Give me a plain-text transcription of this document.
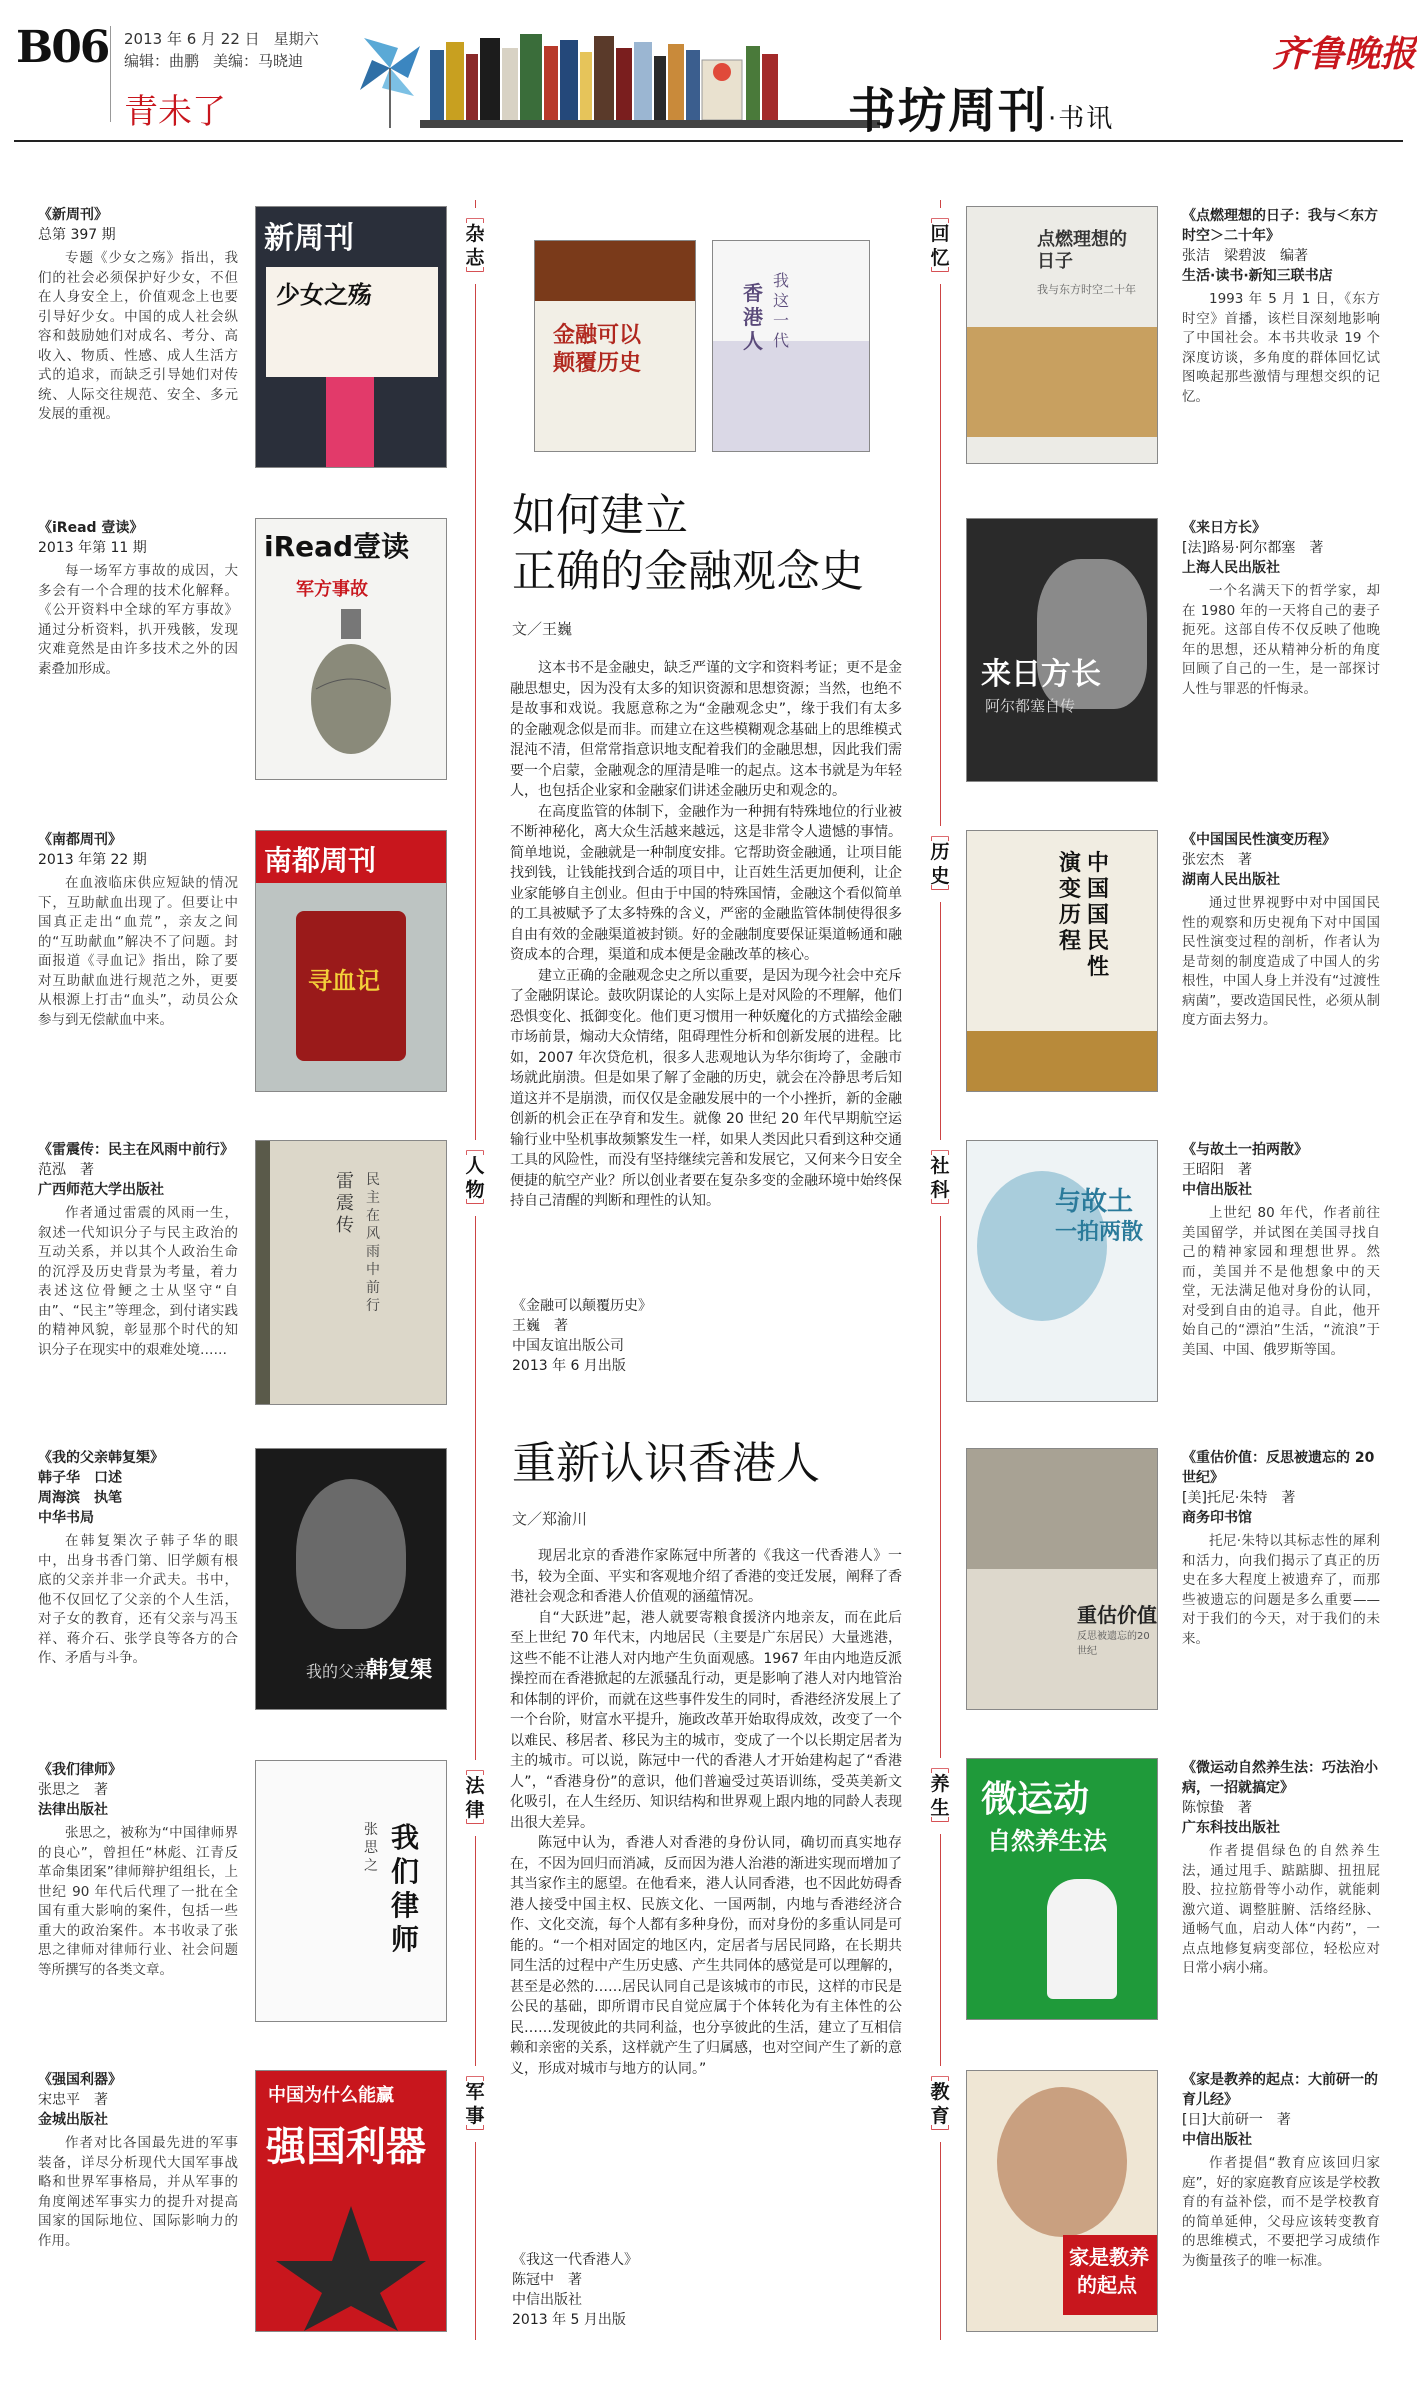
B06 2013 年 6 月 22 日 星期六
编辑：曲鹏 美编：马晓迪
青未了	书坊周刊·书讯
齐鲁晚报
《新周刊》
总第 397 期
专题《少女之殇》指出，我们的社会必须保护好少女，不但在人身安全上，价值观念上也要引导好少女。中国的成人社会纵容和鼓励她们对成名、考分、高收入、物质、性感、成人生活方式的追求，而缺乏引导她们对传统、人际交往规范、安全、多元发展的重视。
新周刊
少女之殇
《iRead 壹读》
2013 年第 11 期
每一场军方事故的成因，大多会有一个合理的技术化解释。《公开资料中全球的军方事故》通过分析资料，扒开残骸，发现灾难竟然是由许多技术之外的因素叠加形成。
iRead壹读
军方事故
《南都周刊》
2013 年第 22 期
在血液临床供应短缺的情况下，互助献血出现了。但要让中国真正走出“血荒”，亲友之间的“互助献血”解决不了问题。封面报道《寻血记》指出，除了要对互助献血进行规范之外，更要从根源上打击“血头”，动员公众参与到无偿献血中来。
南都周刊
寻血记
《雷震传：民主在风雨中前行》
范泓　著
广西师范大学出版社
作者通过雷震的风雨一生，叙述一代知识分子与民主政治的互动关系，并以其个人政治生命的沉浮及历史背景为考量，着力表述这位骨鲠之士从坚守“自由”、“民主”等理念，到付诸实践的精神风貌，彰显那个时代的知识分子在现实中的艰难处境……
雷震传
民主在风雨中前行
《我的父亲韩复榘》
韩子华　口述
周海滨　执笔
中华书局
在韩复榘次子韩子华的眼中，出身书香门第、旧学颇有根底的父亲并非一介武夫。书中，他不仅回忆了父亲的个人生活，对子女的教育，还有父亲与冯玉祥、蒋介石、张学良等各方的合作、矛盾与斗争。
我的父亲
韩复榘
《我们律师》
张思之　著
法律出版社
张思之，被称为“中国律师界的良心”，曾担任“林彪、江青反革命集团案”律师辩护组组长，上世纪 90 年代后代理了一批在全国有重大影响的案件，包括一些重大的政治案件。本书收录了张思之律师对律师行业、社会问题等所撰写的各类文章。
我们律师
张思之
《强国利器》
宋忠平　著
金城出版社
作者对比各国最先进的军事装备，详尽分析现代大国军事战略和世界军事格局，并从军事的角度阐述军事实力的提升对提高国家的国际地位、国际影响力的作用。
中国为什么能赢
强国利器
﹇
杂志
﹈
﹇
人物
﹈
﹇
法律
﹈
﹇
军事
﹈
金融可以
颠覆历史
我这一代
香港人
如何建立
正确的金融观念史
文／王巍

这本书不是金融史，缺乏严谨的文字和资料考证；更不是金融思想史，因为没有太多的知识资源和思想资源；当然，也绝不是故事和戏说。我愿意称之为“金融观念史”，缘于我们有太多的金融观念似是而非。而建立在这些模糊观念基础上的思维模式混沌不清，但常常指意识地支配着我们的金融思想，因此我们需要一个启蒙，金融观念的厘清是唯一的起点。这本书就是为年轻人，也包括企业家和金融家们讲述金融历史和观念的。

在高度监管的体制下，金融作为一种拥有特殊地位的行业被不断神秘化，离大众生活越来越远，这是非常令人遗憾的事情。简单地说，金融就是一种制度安排。它帮助资金融通，让项目能找到钱，让钱能找到合适的项目中，让百姓生活更加便利，让企业家能够自主创业。但由于中国的特殊国情，金融这个看似简单的工具被赋予了太多特殊的含义，严密的金融监管体制使得很多自由有效的金融渠道被封锁。好的金融制度要保证渠道畅通和融资成本的合理，渠道和成本便是金融改革的核心。

建立正确的金融观念史之所以重要，是因为现今社会中充斥了金融阴谋论。鼓吹阴谋论的人实际上是对风险的不理解，他们恐惧变化、抵御变化。他们更习惯用一种妖魔化的方式描绘金融市场前景，煽动大众情绪，阻碍理性分析和创新发展的进程。比如，2007 年次贷危机，很多人悲观地认为华尔街垮了，金融市场就此崩溃。但是如果了解了金融的历史，就会在冷静思考后知道这并不是崩溃，而仅仅是金融发展中的一个小挫折，新的金融创新的机会正在孕育和发生。就像 20 世纪 20 年代早期航空运输行业中坠机事故频繁发生一样，如果人类因此只看到这种交通工具的风险性，而没有坚持继续完善和发展它，又何来今日安全便捷的航空产业？所以创业者要在复杂多变的金融环境中始终保持自己清醒的判断和理性的认知。

《金融可以颠覆历史》
王巍　著
中国友谊出版公司
2013 年 6 月出版
重新认识香港人
文／郑渝川

现居北京的香港作家陈冠中所著的《我这一代香港人》一书，较为全面、平实和客观地介绍了香港的变迁发展，阐释了香港社会观念和香港人价值观的涵蕴情况。

自“大跃进”起，港人就要寄粮食援济内地亲友，而在此后至上世纪 70 年代末，内地居民（主要是广东居民）大量逃港，这些不能不让港人对内地产生负面观感。1967 年由内地造反派操控而在香港掀起的左派骚乱行动，更是影响了港人对内地管治和体制的评价，而就在这些事件发生的同时，香港经济发展上了一个台阶，财富水平提升，施政改革开始取得成效，改变了一个以难民、移居者、移民为主的城市，变成了一个以长期定居者为主的城市。可以说，陈冠中一代的香港人才开始建构起了“香港人”，“香港身份”的意识，他们普遍受过英语训练，受英美新文化吸引，在人生经历、知识结构和世界观上跟内地的同龄人表现出很大差异。

陈冠中认为，香港人对香港的身份认同，确切而真实地存在，不因为回归而消减，反而因为港人治港的渐进实现而增加了其当家作主的愿望。在他看来，港人认同香港，也不因此妨碍香港人接受中国主权、民族文化、一国两制，内地与香港经济合作、文化交流，每个人都有多种身份，而对身份的多重认同是可能的。“一个相对固定的地区内，定居者与居民同路，在长期共同生活的过程中产生历史感、产生共同体的感觉是可以理解的，甚至是必然的……居民认同自己是该城市的市民，这样的市民是公民的基础，即所谓市民自觉应属于个体转化为有主体性的公民……发现彼此的共同利益，也分享彼此的生活，建立了互相信赖和亲密的关系，这样就产生了归属感，也对空间产生了新的意义，形成对城市与地方的认同。”

《我这一代香港人》
陈冠中　著
中信出版社
2013 年 5 月出版
﹇
回忆
﹈
﹇
历史
﹈
﹇
社科
﹈
﹇
养生
﹈
﹇
教育
﹈
点燃理想的日子
我与东方时空二十年
《点燃理想的日子：我与＜东方时空＞二十年》
张洁　梁碧波　编著
生活·读书·新知三联书店
1993 年 5 月 1 日，《东方时空》首播，该栏目深刻地影响了中国社会。本书共收录 19 个深度访谈，多角度的群体回忆试图唤起那些激情与理想交织的记忆。
来日方长
阿尔都塞自传
《来日方长》
[法]路易·阿尔都塞　著
上海人民出版社
一个名满天下的哲学家，却在 1980 年的一天将自己的妻子扼死。这部自传不仅反映了他晚年的思想，还从精神分析的角度回顾了自己的一生，是一部探讨人性与罪恶的忏悔录。
中国国民性
演变历程
《中国国民性演变历程》
张宏杰　著
湖南人民出版社
通过世界视野中对中国国民性的观察和历史视角下对中国国民性演变过程的剖析，作者认为是苛刻的制度造成了中国人的劣根性，中国人身上并没有“过渡性病菌”，要改造国民性，必须从制度方面去努力。
与故土
一拍两散
《与故土一拍两散》
王昭阳　著
中信出版社
上世纪 80 年代，作者前往美国留学，并试图在美国寻找自己的精神家园和理想世界。然而，美国并不是他想象中的天堂，无法满足他对身份的认同，对受到自由的追寻。自此，他开始自己的“漂泊”生活，“流浪”于美国、中国、俄罗斯等国。
重估价值
反思被遗忘的20世纪
《重估价值：反思被遗忘的 20 世纪》
[美]托尼·朱特　著
商务印书馆
托尼·朱特以其标志性的犀利和活力，向我们揭示了真正的历史在多大程度上被遗弃了，而那些被遗忘的问题是多么重要——对于我们的今天，对于我们的未来。
微运动
自然养生法
《微运动自然养生法：巧法治小病，一招就搞定》
陈惊蛰　著
广东科技出版社
作者提倡绿色的自然养生法，通过甩手、踮踮脚、扭扭屁股、拉拉筋骨等小动作，就能刺激穴道、调整脏腑、活络经脉、通畅气血，启动人体“内药”，一点点地修复病变部位，轻松应对日常小病小痛。
家是教养
的起点
《家是教养的起点：大前研一的育儿经》
[日]大前研一　著
中信出版社
作者提倡“教育应该回归家庭”，好的家庭教育应该是学校教育的有益补偿，而不是学校教育的简单延伸，父母应该转变教育的思维模式，不要把学习成绩作为衡量孩子的唯一标准。
